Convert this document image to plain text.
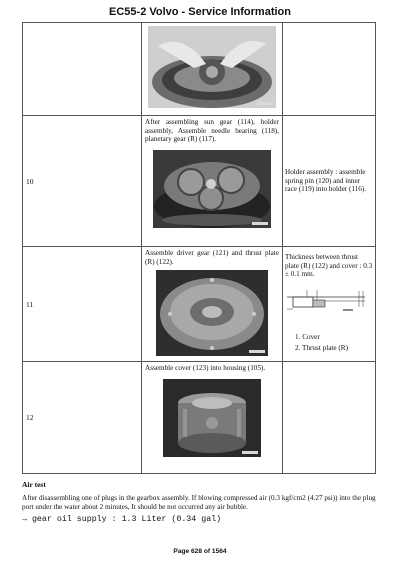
EC55-2 Volvo - Service Information

10	After assembling sun gear (114), holder assembly, Assemble needle bearing (118), planetary gear (R) (117).	Holder assembly : assemble spring pin (120) and inner race (119) into holder (116).

11	Assemble driver gear (121) and thrust plate (R) (122).	Thickness between thrust plate (R) (122) and cover : 0.3 ± 0.1 mm.
1. Cover
2. Thrust plate (R)

12	Assemble cover (123) into housing (105).	

Air test
After disassembling one of plugs in the gearbox assembly. If blowing compressed air (0.3 kgf/cm2 (4.27 psi)) into the plug port under the water about 2 minutes, It should be not occurred any air bubble.
→ gear oil supply : 1.3 Liter (0.34 gal)
Page 628 of 1564
